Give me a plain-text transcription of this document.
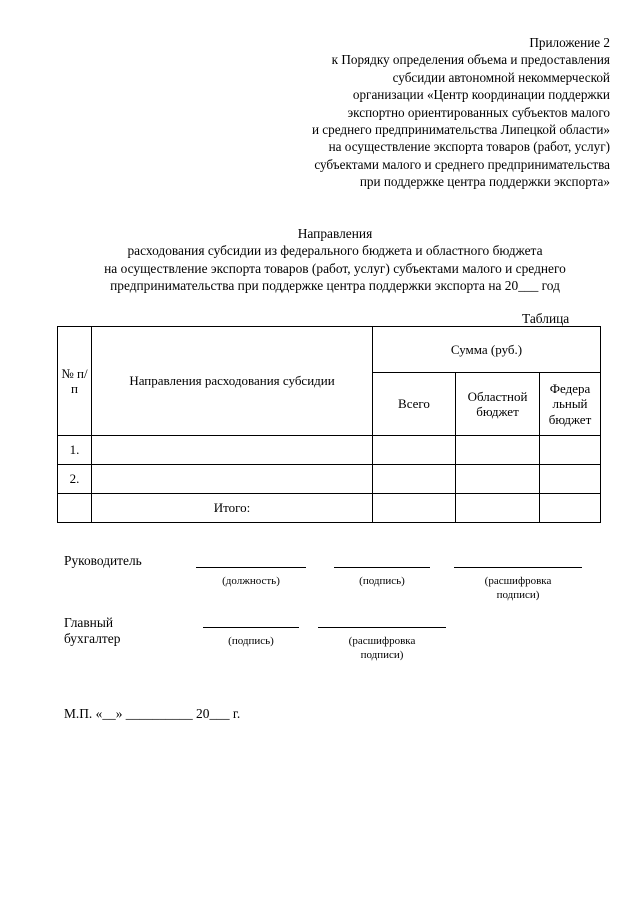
Приложение 2
к Порядку определения объема и предоставления
субсидии автономной некоммерческой
организации «Центр координации поддержки
экспортно ориентированных субъектов малого
и среднего предпринимательства Липецкой области»
на осуществление экспорта товаров (работ, услуг)
субъектами малого и среднего предпринимательства
при поддержке центра поддержки экспорта»
Направления
расходования субсидии из федерального бюджета и областного бюджета
на осуществление экспорта товаров (работ, услуг) субъектами малого и среднего
предпринимательства при поддержке центра поддержки экспорта на 20___ год
Таблица
№ п/п	Направления расходования субсидии	Сумма (руб.)		
		Всего	Областной бюджет	Федера льный бюджет
1.				
2.				
	Итого:			
Руководитель
(должность)	(подпись)	(расшифровка подписи)
Главный бухгалтер	(подпись)	(расшифровка подписи)
М.П. «__» __________ 20___ г.
